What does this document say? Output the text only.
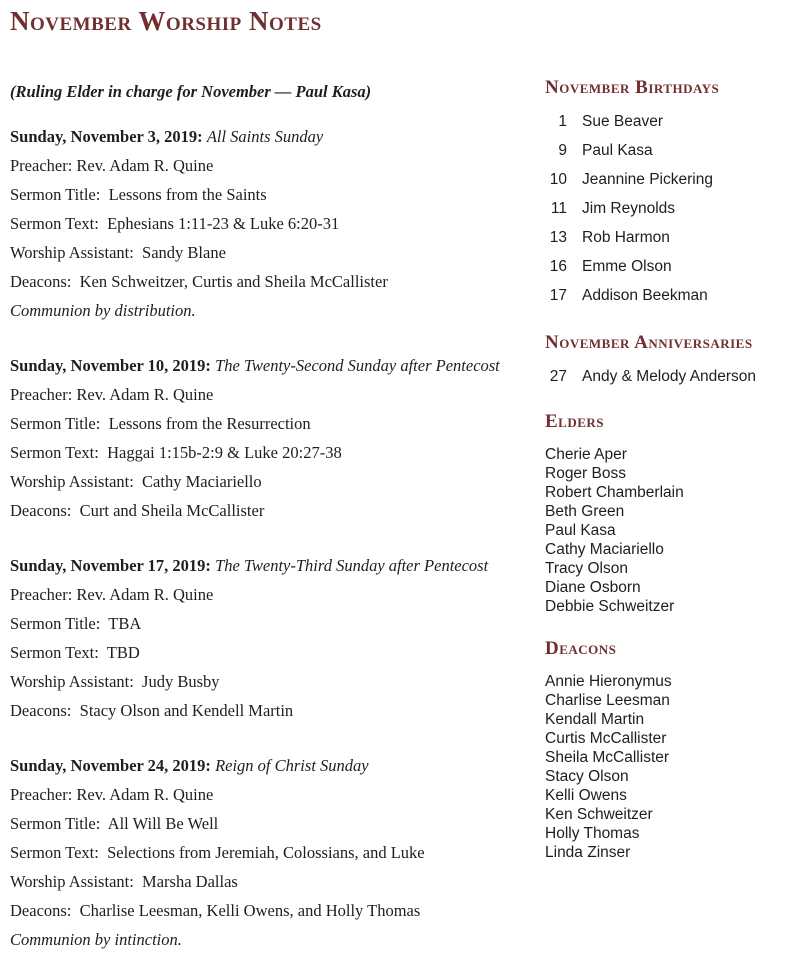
November Worship Notes

(Ruling Elder in charge for November — Paul Kasa)

Sunday, November 3, 2019: All Saints Sunday
Preacher: Rev. Adam R. Quine
Sermon Title:  Lessons from the Saints
Sermon Text:  Ephesians 1:11-23 & Luke 6:20-31
Worship Assistant:  Sandy Blane
Deacons:  Ken Schweitzer, Curtis and Sheila McCallister
Communion by distribution.
Sunday, November 10, 2019: The Twenty-Second Sunday after Pentecost
Preacher: Rev. Adam R. Quine
Sermon Title:  Lessons from the Resurrection
Sermon Text:  Haggai 1:15b-2:9 & Luke 20:27-38
Worship Assistant:  Cathy Maciariello
Deacons:  Curt and Sheila McCallister
Sunday, November 17, 2019: The Twenty-Third Sunday after Pentecost
Preacher: Rev. Adam R. Quine
Sermon Title:  TBA
Sermon Text:  TBD
Worship Assistant:  Judy Busby
Deacons:  Stacy Olson and Kendell Martin
Sunday, November 24, 2019: Reign of Christ Sunday
Preacher: Rev. Adam R. Quine
Sermon Title:  All Will Be Well
Sermon Text:  Selections from Jeremiah, Colossians, and Luke
Worship Assistant:  Marsha Dallas
Deacons:  Charlise Leesman, Kelli Owens, and Holly Thomas
Communion by intinction.
November Birthdays
1 Sue Beaver
9 Paul Kasa
10 Jeannine Pickering
11 Jim Reynolds
13 Rob Harmon
16 Emme Olson
17 Addison Beekman
November Anniversaries
27 Andy & Melody Anderson
Elders
Cherie Aper
Roger Boss
Robert Chamberlain
Beth Green
Paul Kasa
Cathy Maciariello
Tracy Olson
Diane Osborn
Debbie Schweitzer
Deacons
Annie Hieronymus
Charlise Leesman
Kendall Martin
Curtis McCallister
Sheila McCallister
Stacy Olson
Kelli Owens
Ken Schweitzer
Holly Thomas
Linda Zinser
